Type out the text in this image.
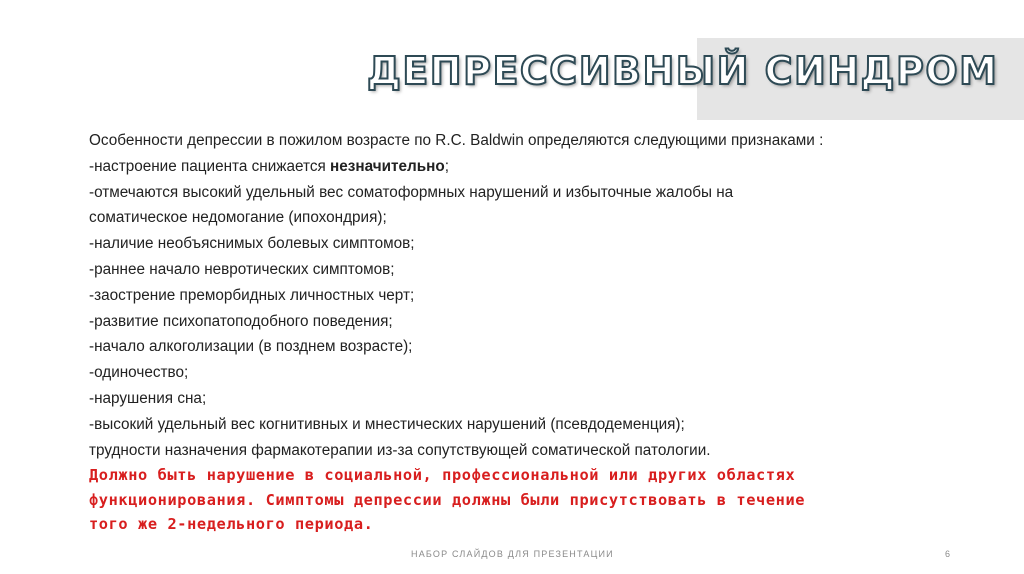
ДЕПРЕССИВНЫЙ СИНДРОМ

Особенности депрессии в пожилом возрасте по R.C. Baldwin определяются следующими признаками :

-настроение пациента снижается незначительно;

-отмечаются высокий удельный вес соматоформных нарушений и избыточные жалобы на

соматическое недомогание (ипохондрия);

-наличие необъяснимых болевых симптомов;

-раннее начало невротических симптомов;

-заострение преморбидных личностных черт;

-развитие психопатоподобного поведения;

-начало алкоголизации (в позднем возрасте);

-одиночество;

-нарушения сна;

-высокий удельный вес когнитивных и мнестических нарушений (псевдодеменция);

трудности назначения фармакотерапии из-за сопутствующей соматической патологии.

Должно быть нарушение в социальной, профессиональной или других областях

функционирования. Симптомы депрессии должны были присутствовать в течение

того же 2-недельного периода.

НАБОР СЛАЙДОВ ДЛЯ ПРЕЗЕНТАЦИИ	6
